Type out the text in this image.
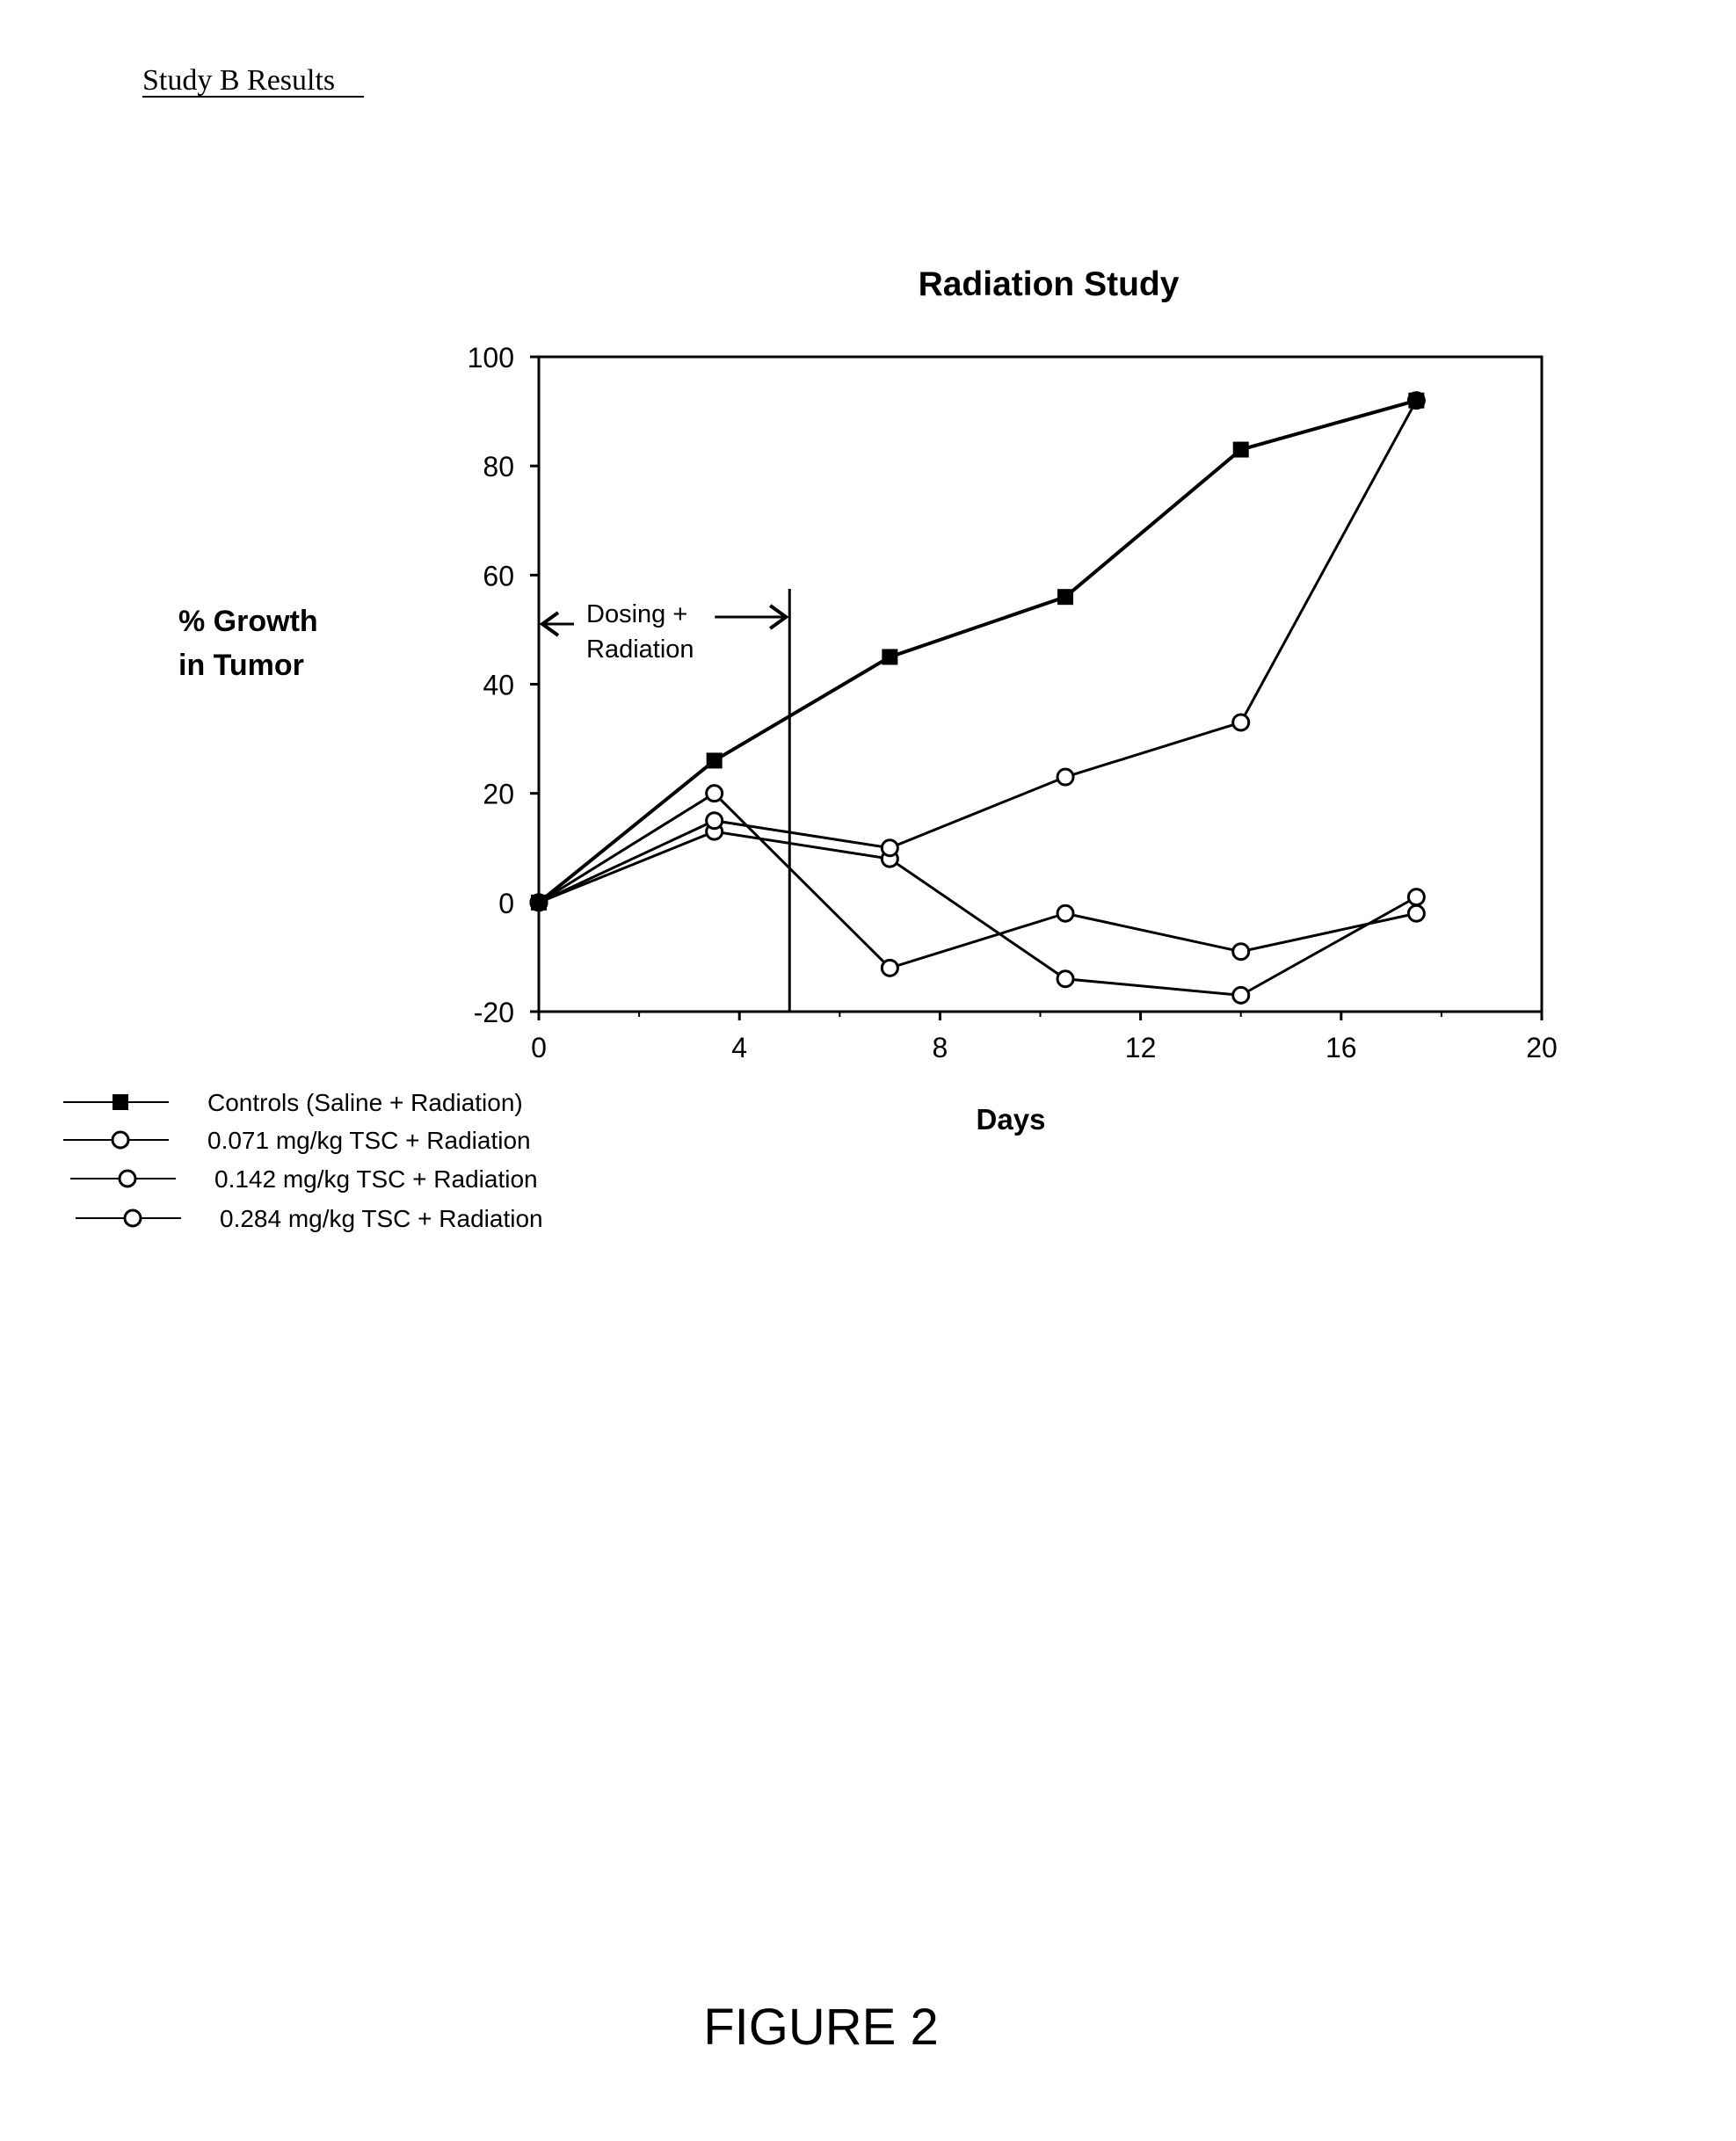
Study B Results
Radiation Study
% Growth
in Tumor
Days
100
80
60
40
20
0
-20
0	4	8	12	16	20
Dosing +
Radiation
Controls (Saline + Radiation)
0.071 mg/kg TSC + Radiation
0.142 mg/kg TSC + Radiation
0.284 mg/kg TSC + Radiation
FIGURE 2
